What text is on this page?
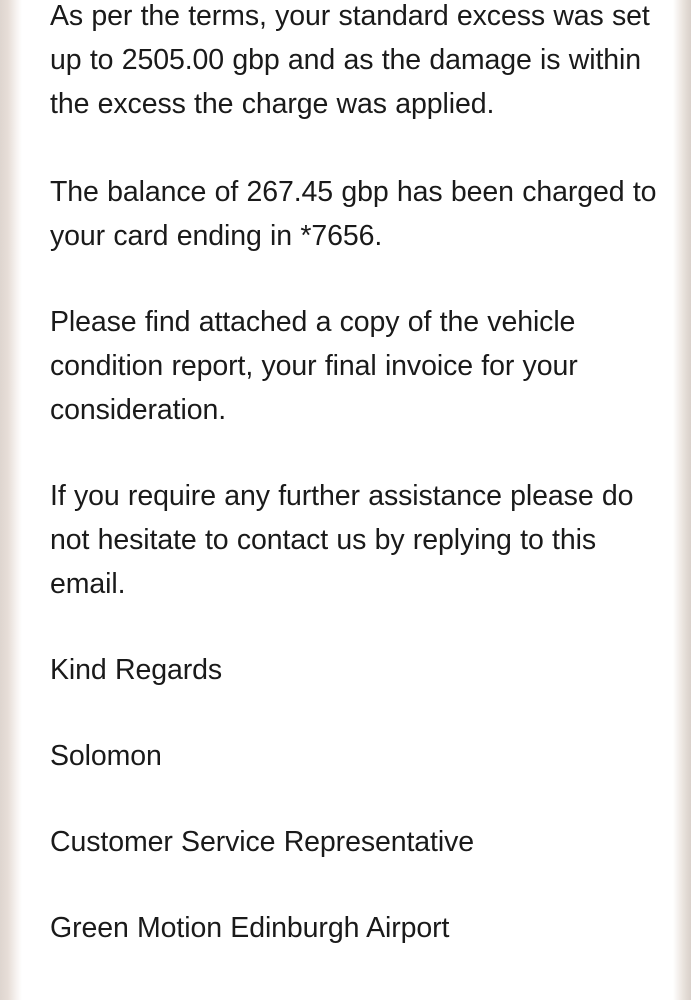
As per the terms, your standard excess was set up to 2505.00 gbp and as the damage is within the excess the charge was applied.

The balance of 267.45 gbp has been charged to your card ending in *7656.

Please find attached a copy of the vehicle condition report, your final invoice for your consideration.

If you require any further assistance please do not hesitate to contact us by replying to this email.

Kind Regards

Solomon

Customer Service Representative

Green Motion Edinburgh Airport
